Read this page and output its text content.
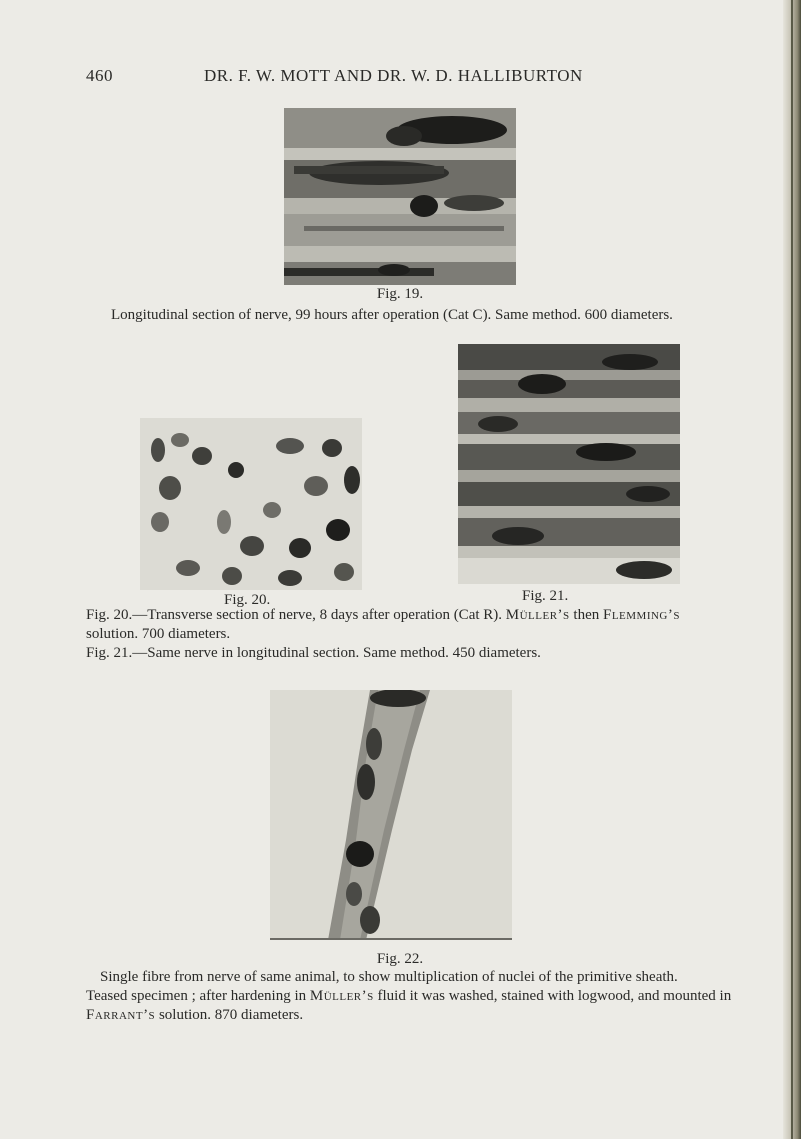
460	DR. F. W. MOTT AND DR. W. D. HALLIBURTON
Fig. 19.
Longitudinal section of nerve, 99 hours after operation (Cat C). Same method. 600 diameters.
Fig. 20.	Fig. 21.
Fig. 20.—Transverse section of nerve, 8 days after operation (Cat R). Müller’s then Flemming’s
solution. 700 diameters.
Fig. 21.—Same nerve in longitudinal section. Same method. 450 diameters.
Fig. 22.
Single fibre from nerve of same animal, to show multiplication of nuclei of the primitive sheath.
Teased specimen ; after hardening in Müller’s fluid it was washed, stained with logwood, and mounted in
Farrant’s solution. 870 diameters.
